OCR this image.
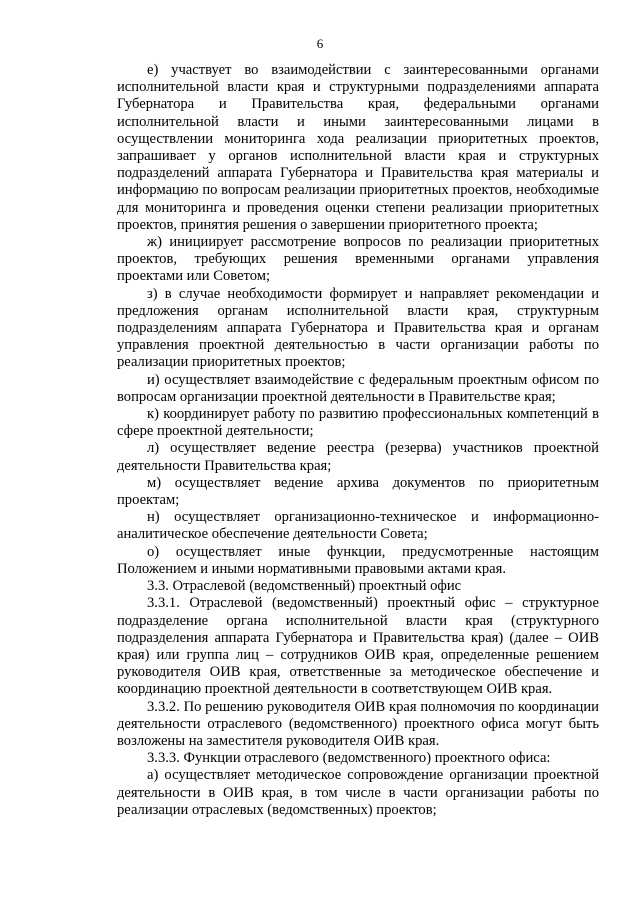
6

е) участвует во взаимодействии с заинтересованными органами исполнительной власти края и структурными подразделениями аппарата Губернатора и Правительства края, федеральными органами исполнительной власти и иными заинтересованными лицами в осуществлении мониторинга хода реализации приоритетных проектов, запрашивает у органов исполнительной власти края и структурных подразделений аппарата Губернатора и Правительства края материалы и информацию по вопросам реализации приоритетных проектов, необходимые для мониторинга и проведения оценки степени реализации приоритетных проектов, принятия решения о завершении приоритетного проекта;

ж) инициирует рассмотрение вопросов по реализации приоритетных проектов, требующих решения временными органами управления проектами или Советом;

з) в случае необходимости формирует и направляет рекомендации и предложения органам исполнительной власти края, структурным подразделениям аппарата Губернатора и Правительства края и органам управления проектной деятельностью в части организации работы по реализации приоритетных проектов;

и) осуществляет взаимодействие с федеральным проектным офисом по вопросам организации проектной деятельности в Правительстве края;

к) координирует работу по развитию профессиональных компетенций в сфере проектной деятельности;

л) осуществляет ведение реестра (резерва) участников проектной деятельности Правительства края;

м) осуществляет ведение архива документов по приоритетным проектам;

н) осуществляет организационно-техническое и информационно-аналитическое обеспечение деятельности Совета;

о) осуществляет иные функции, предусмотренные настоящим Положением и иными нормативными правовыми актами края.

3.3. Отраслевой (ведомственный) проектный офис

3.3.1. Отраслевой (ведомственный) проектный офис – структурное подразделение органа исполнительной власти края (структурного подразделения аппарата Губернатора и Правительства края) (далее – ОИВ края) или группа лиц – сотрудников ОИВ края, определенные решением руководителя ОИВ края, ответственные за методическое обеспечение и координацию проектной деятельности в соответствующем ОИВ края.

3.3.2. По решению руководителя ОИВ края полномочия по координации деятельности отраслевого (ведомственного) проектного офиса могут быть возложены на заместителя руководителя ОИВ края.

3.3.3. Функции отраслевого (ведомственного) проектного офиса:

а) осуществляет методическое сопровождение организации проектной деятельности в ОИВ края, в том числе в части организации работы по реализации отраслевых (ведомственных) проектов;
